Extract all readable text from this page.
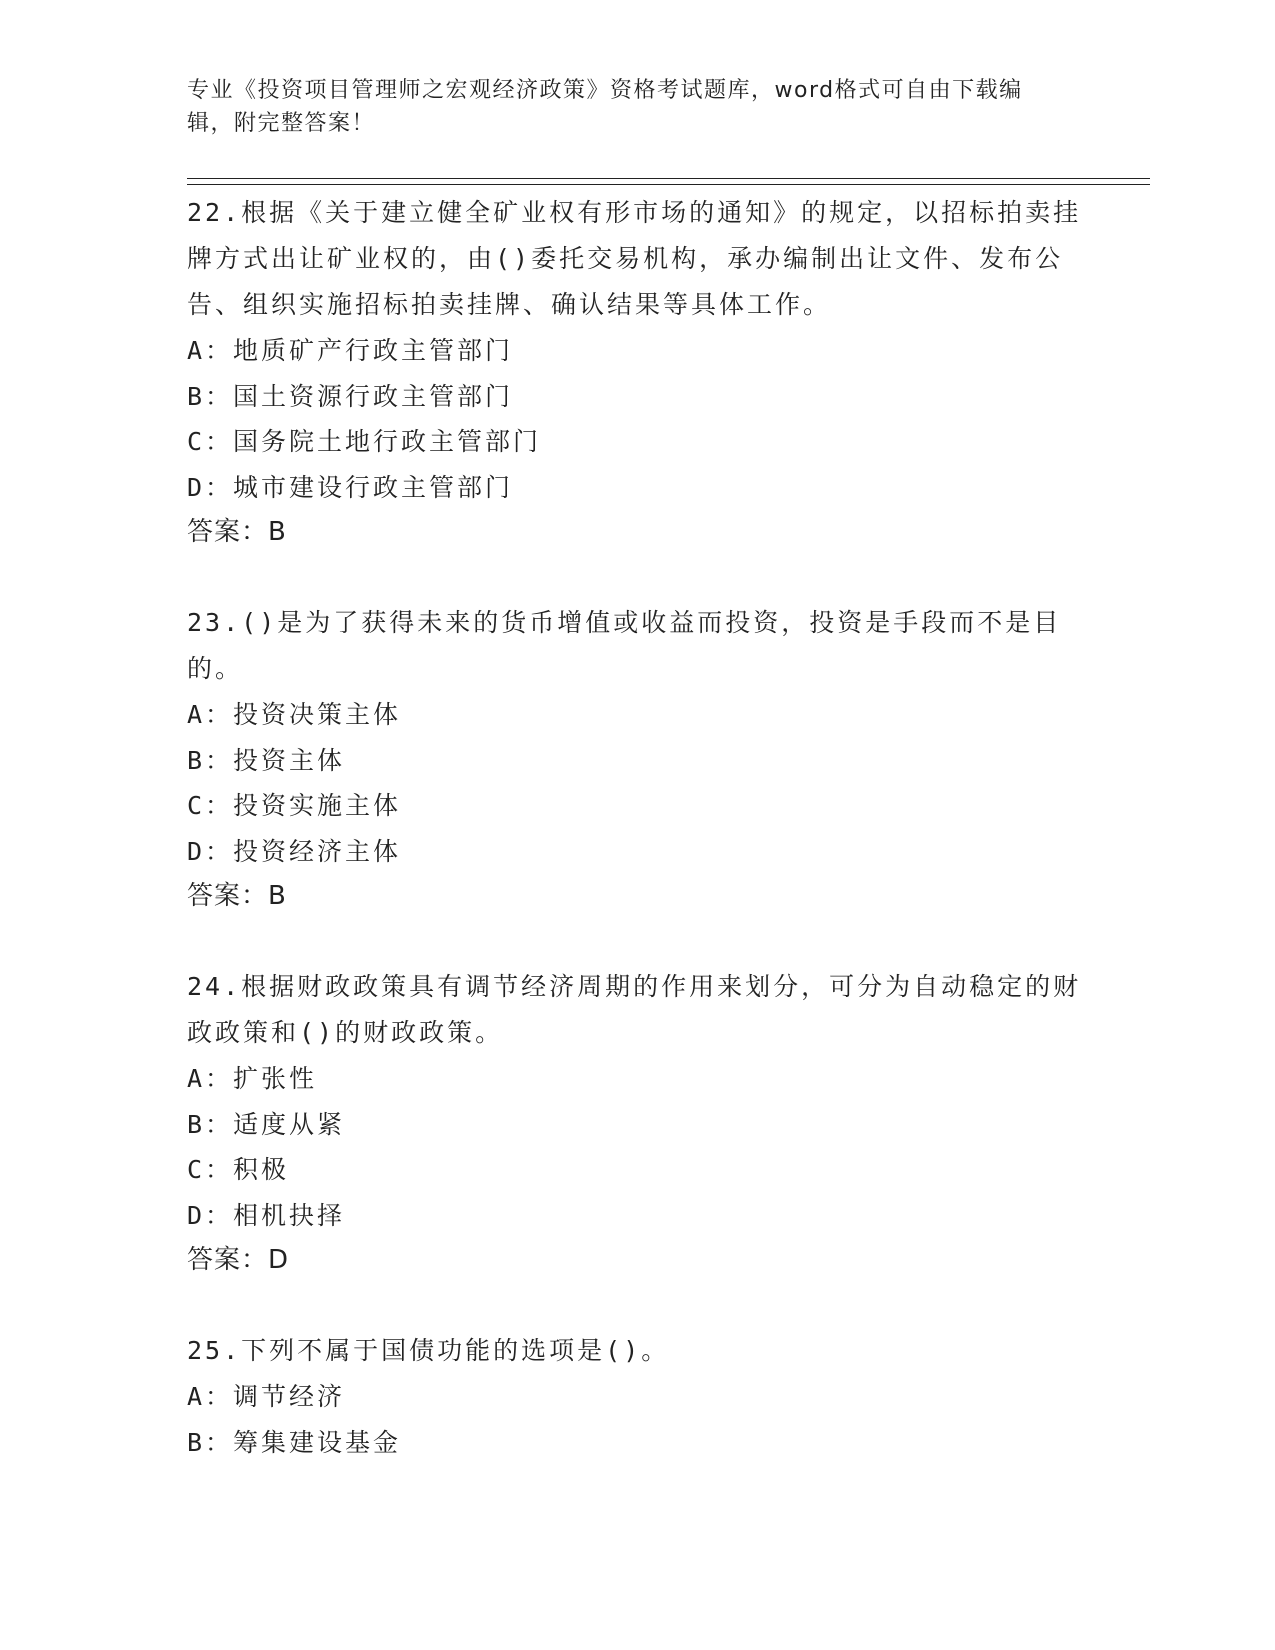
专业《投资项目管理师之宏观经济政策》资格考试题库，word格式可自由下载编辑，附完整答案！

22.根据《关于建立健全矿业权有形市场的通知》的规定，以招标拍卖挂牌方式出让矿业权的，由()委托交易机构，承办编制出让文件、发布公告、组织实施招标拍卖挂牌、确认结果等具体工作。

A：地质矿产行政主管部门

B：国土资源行政主管部门

C：国务院土地行政主管部门

D：城市建设行政主管部门

答案：B

23.()是为了获得未来的货币增值或收益而投资，投资是手段而不是目的。

A：投资决策主体

B：投资主体

C：投资实施主体

D：投资经济主体

答案：B

24.根据财政政策具有调节经济周期的作用来划分，可分为自动稳定的财政政策和()的财政政策。

A：扩张性

B：适度从紧

C：积极

D：相机抉择

答案：D

25.下列不属于国债功能的选项是()。

A：调节经济

B：筹集建设基金
